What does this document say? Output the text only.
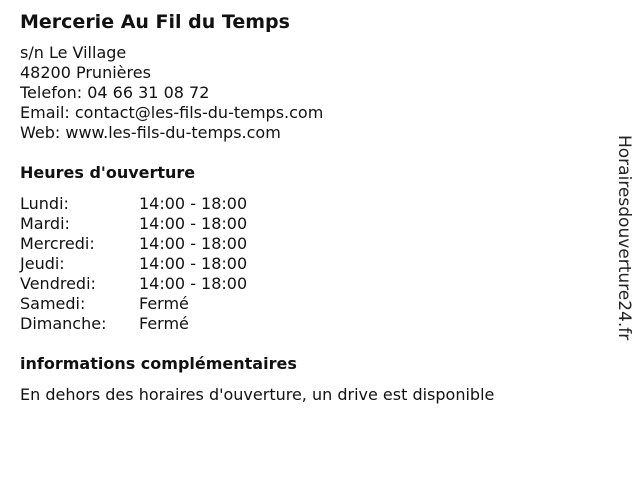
Mercerie Au Fil du Temps
s/n Le Village
48200 Prunières
Telefon: 04 66 31 08 72
Email: contact@les-fils-du-temps.com
Web: www.les-fils-du-temps.com
Heures d'ouverture
Lundi:	14:00 - 18:00
Mardi:	14:00 - 18:00
Mercredi:	14:00 - 18:00
Jeudi:	14:00 - 18:00
Vendredi:	14:00 - 18:00
Samedi:	Fermé
Dimanche:	Fermé
informations complémentaires
En dehors des horaires d'ouverture, un drive est disponible
Horairesdouverture24.fr
